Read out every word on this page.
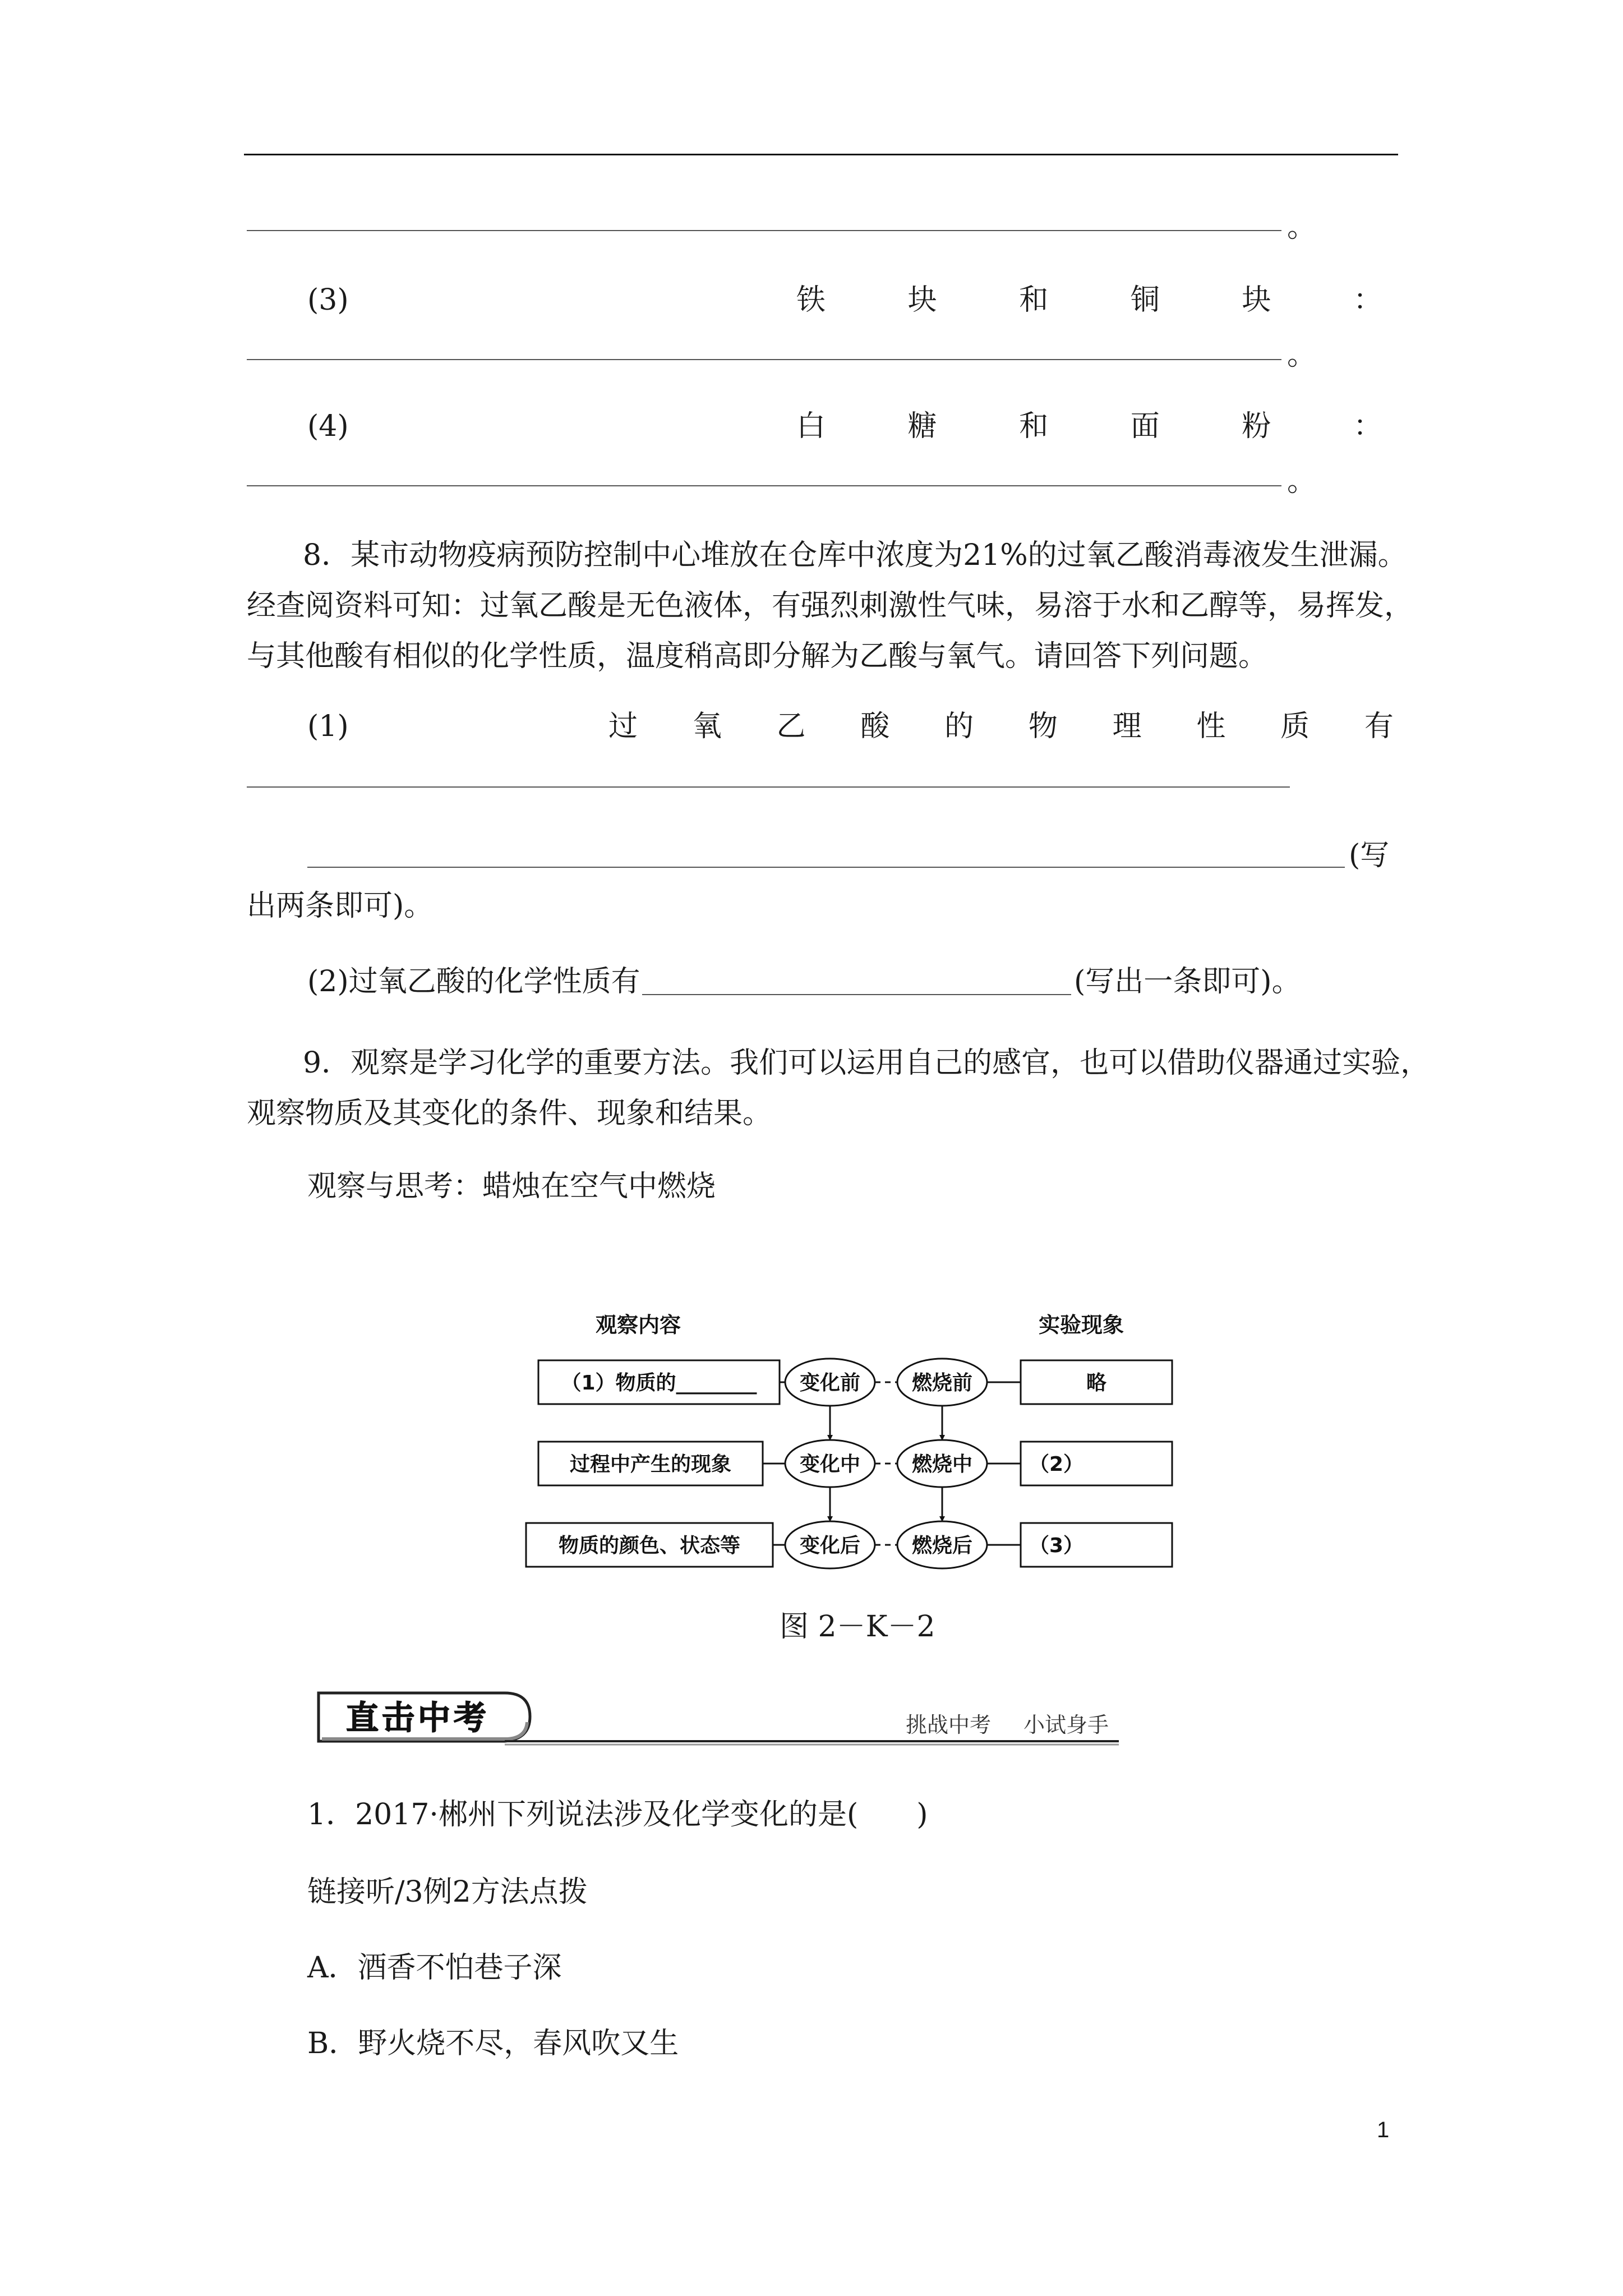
。
(3)	铁	块	和	铜	块	：
。
(4)	白	糖	和	面	粉	：
。
8．某市动物疫病预防控制中心堆放在仓库中浓度为21%的过氧乙酸消毒液发生泄漏。
经查阅资料可知：过氧乙酸是无色液体，有强烈刺激性气味，易溶于水和乙醇等，易挥发，
与其他酸有相似的化学性质，温度稍高即分解为乙酸与氧气。请回答下列问题。
(1)	过 氧 乙 酸 的 物 理 性 质 有
(写
出两条即可)。
(2)过氧乙酸的化学性质有	(写出一条即可)。
9．观察是学习化学的重要方法。我们可以运用自己的感官，也可以借助仪器通过实验，
观察物质及其变化的条件、现象和结果。
观察与思考：蜡烛在空气中燃烧
观察内容	实验现象
（1）物质的________ 变化前	燃烧前	略
过程中产生的现象	变化中	燃烧中	（2）
物质的颜色、状态等	变化后	燃烧后	（3）
图 2－K－2
直击中考	挑战中考 小试身手
1．2017·郴州下列说法涉及化学变化的是(　　)
链接听/3例2方法点拨
A．酒香不怕巷子深
B．野火烧不尽，春风吹又生
1
